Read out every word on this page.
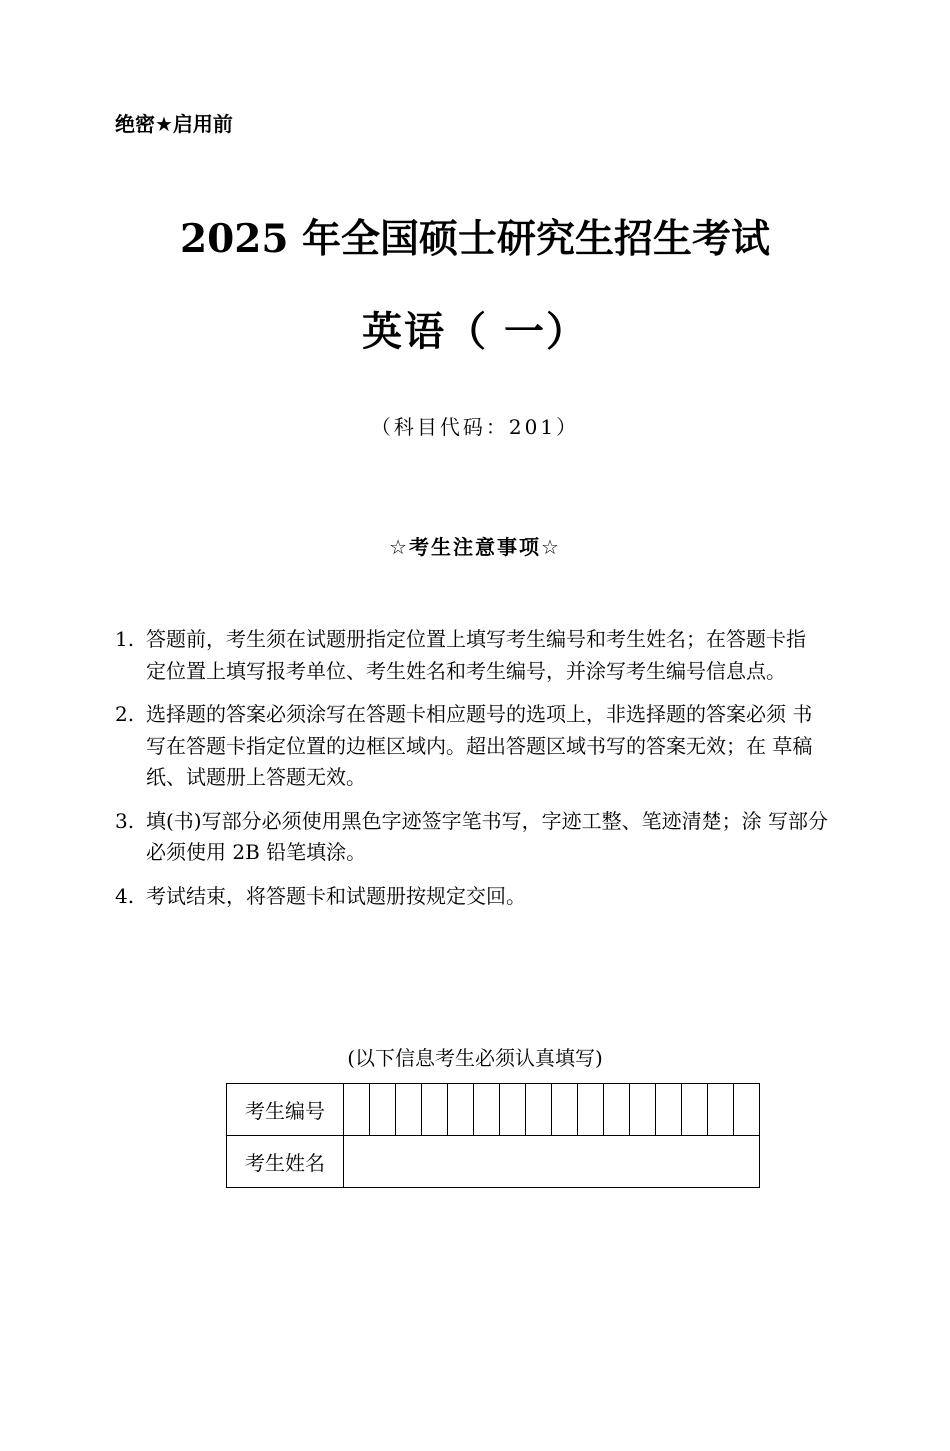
绝密★启用前
2025 年全国硕士研究生招生考试
英语（ 一）
（科目代码：201）
☆考生注意事项☆
1. 答题前，考生须在试题册指定位置上填写考生编号和考生姓名；在答题卡指 定位置上填写报考单位、考生姓名和考生编号，并涂写考生编号信息点。
2. 选择题的答案必须涂写在答题卡相应题号的选项上，非选择题的答案必须 书写在答题卡指定位置的边框区域内。超出答题区域书写的答案无效；在 草稿纸、试题册上答题无效。
3. 填(书)写部分必须使用黑色字迹签字笔书写，字迹工整、笔迹清楚；涂 写部分必须使用 2B 铅笔填涂。
4. 考试结束，将答题卡和试题册按规定交回。
(以下信息考生必须认真填写)
考生编号																
考生姓名																
